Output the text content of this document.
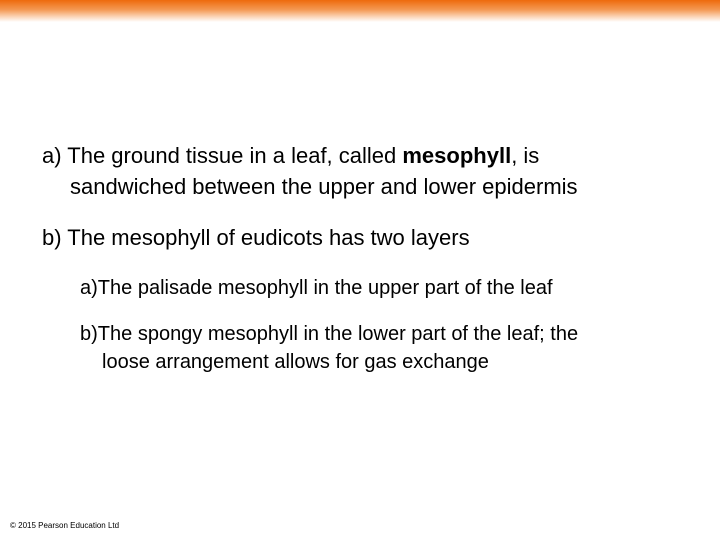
a) The ground tissue in a leaf, called mesophyll, is
sandwiched between the upper and lower epidermis
b) The mesophyll of eudicots has two layers
a)The palisade mesophyll in the upper part of the leaf
b)The spongy mesophyll in the lower part of the leaf; the
loose arrangement allows for gas exchange
© 2015 Pearson Education Ltd
